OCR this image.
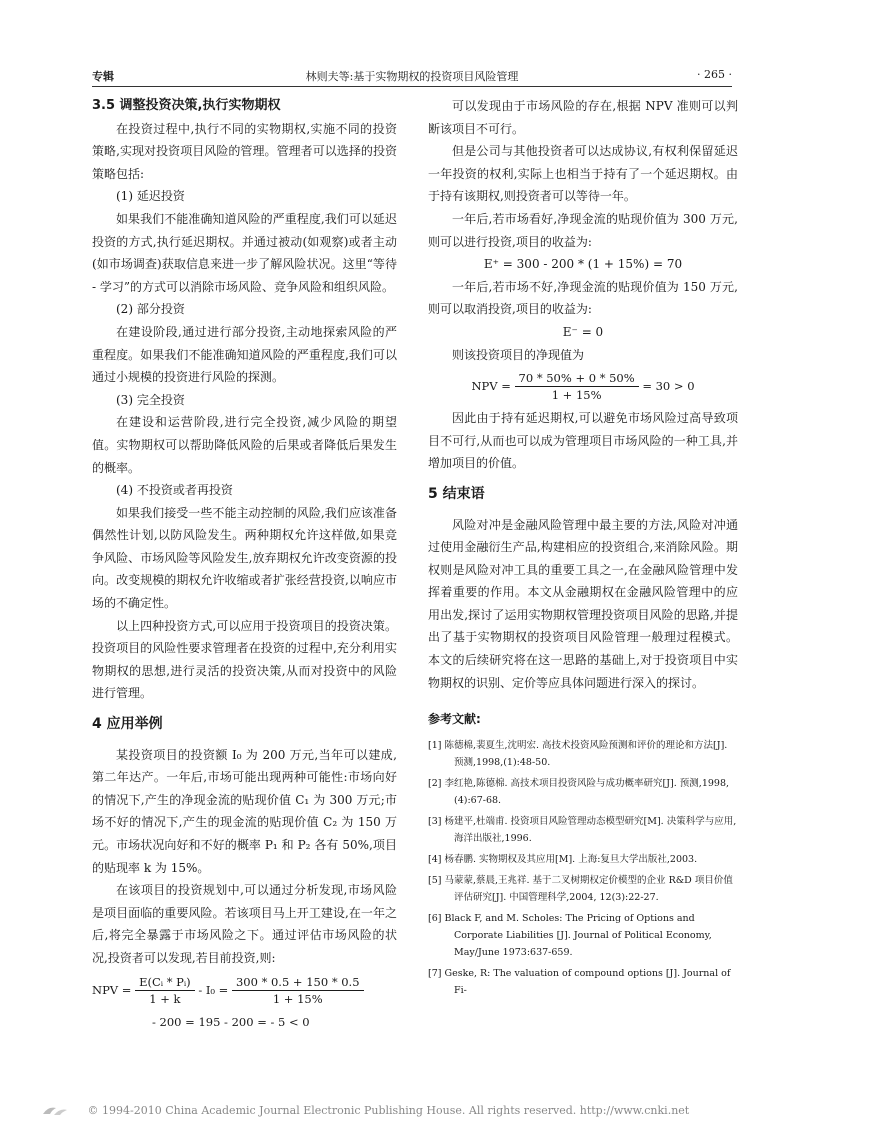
专辑	林则夫等:基于实物期权的投资项目风险管理	· 265 ·

3.5 调整投资决策,执行实物期权

在投资过程中,执行不同的实物期权,实施不同的投资策略,实现对投资项目风险的管理。管理者可以选择的投资策略包括:

(1) 延迟投资

如果我们不能准确知道风险的严重程度,我们可以延迟投资的方式,执行延迟期权。并通过被动(如观察)或者主动(如市场调查)获取信息来进一步了解风险状况。这里“等待 - 学习”的方式可以消除市场风险、竞争风险和组织风险。

(2) 部分投资

在建设阶段,通过进行部分投资,主动地探索风险的严重程度。如果我们不能准确知道风险的严重程度,我们可以通过小规模的投资进行风险的探测。

(3) 完全投资

在建设和运营阶段,进行完全投资,减少风险的期望值。实物期权可以帮助降低风险的后果或者降低后果发生的概率。

(4) 不投资或者再投资

如果我们接受一些不能主动控制的风险,我们应该准备偶然性计划,以防风险发生。两种期权允许这样做,如果竞争风险、市场风险等风险发生,放弃期权允许改变资源的投向。改变规模的期权允许收缩或者扩张经营投资,以响应市场的不确定性。

以上四种投资方式,可以应用于投资项目的投资决策。投资项目的风险性要求管理者在投资的过程中,充分利用实物期权的思想,进行灵活的投资决策,从而对投资中的风险进行管理。

4 应用举例

某投资项目的投资额 I₀ 为 200 万元,当年可以建成,第二年达产。一年后,市场可能出现两种可能性:市场向好的情况下,产生的净现金流的贴现价值 C₁ 为 300 万元;市场不好的情况下,产生的现金流的贴现价值 C₂ 为 150 万元。市场状况向好和不好的概率 P₁ 和 P₂ 各有 50%,项目的贴现率 k 为 15%。

在该项目的投资规划中,可以通过分析发现,市场风险是项目面临的重要风险。若该项目马上开工建设,在一年之后,将完全暴露于市场风险之下。通过评估市场风险的状况,投资者可以发现,若目前投资,则:

NPV =
$\frac{\text{E(Cᵢ * Pᵢ)}}{1 + k}$
- I₀ =
$\frac{300 * 0.5 + 150 * 0.5}{1 + 15\%}$

- 200 = 195 - 200 = - 5 < 0

可以发现由于市场风险的存在,根据 NPV 准则可以判断该项目不可行。

但是公司与其他投资者可以达成协议,有权利保留延迟一年投资的权利,实际上也相当于持有了一个延迟期权。由于持有该期权,则投资者可以等待一年。

一年后,若市场看好,净现金流的贴现价值为 300 万元,则可以进行投资,项目的收益为:

E⁺ = 300 - 200 * (1 + 15%) = 70

一年后,若市场不好,净现金流的贴现价值为 150 万元,则可以取消投资,项目的收益为:

E⁻ = 0

则该投资项目的净现值为

NPV =
$\frac{70 * 50\% + 0 * 50\%}{1 + 15\%}$
= 30 > 0

因此由于持有延迟期权,可以避免市场风险过高导致项目不可行,从而也可以成为管理项目市场风险的一种工具,并增加项目的价值。

5 结束语

风险对冲是金融风险管理中最主要的方法,风险对冲通过使用金融衍生产品,构建相应的投资组合,来消除风险。期权则是风险对冲工具的重要工具之一,在金融风险管理中发挥着重要的作用。本文从金融期权在金融风险管理中的应用出发,探讨了运用实物期权管理投资项目风险的思路,并提出了基于实物期权的投资项目风险管理一般理过程模式。本文的后续研究将在这一思路的基础上,对于投资项目中实物期权的识别、定价等应具体问题进行深入的探讨。

参考文献:

[1] 陈德棉,裴夏生,沈明宏. 高技术投资风险预测和评价的理论和方法[J]. 预测,1998,(1):48-50.

[2] 李红艳,陈德棉. 高技术项目投资风险与成功概率研究[J]. 预测,1998,(4):67-68.

[3] 杨建平,杜端甫. 投资项目风险管理动态模型研究[M]. 决策科学与应用,海洋出版社,1996.

[4] 杨春鹏. 实物期权及其应用[M]. 上海:复旦大学出版社,2003.

[5] 马蒙蒙,蔡晨,王兆祥. 基于二叉树期权定价模型的企业 R&D 项目价值评估研究[J]. 中国管理科学,2004, 12(3):22-27.

[6] Black F, and M. Scholes: The Pricing of Options and Corporate Liabilities [J]. Journal of Political Economy, May/June 1973:637-659.

[7] Geske, R: The valuation of compound options [J]. Journal of Fi-

© 1994-2010 China Academic Journal Electronic Publishing House. All rights reserved. http://www.cnki.net
